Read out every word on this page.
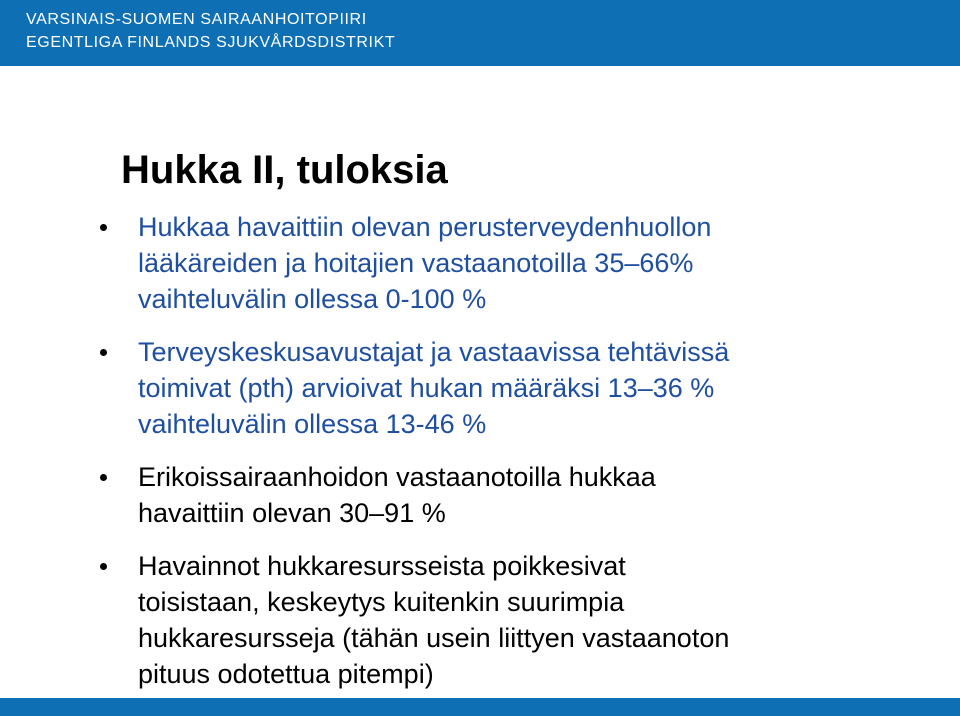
VARSINAIS-SUOMEN SAIRAANHOITOPIIRI
EGENTLIGA FINLANDS SJUKVÅRDSDISTRIKT
Hukka II, tuloksia
Hukkaa havaittiin olevan perusterveydenhuollon
lääkäreiden ja hoitajien vastaanotoilla 35–66%
vaihteluvälin ollessa 0-100 %
Terveyskeskusavustajat ja vastaavissa tehtävissä
toimivat (pth) arvioivat hukan määräksi 13–36 %
vaihteluvälin ollessa 13-46 %
Erikoissairaanhoidon vastaanotoilla hukkaa
havaittiin olevan 30–91 %
Havainnot hukkaresursseista poikkesivat
toisistaan, keskeytys kuitenkin suurimpia
hukkaresursseja (tähän usein liittyen vastaanoton
pituus odotettua pitempi)
